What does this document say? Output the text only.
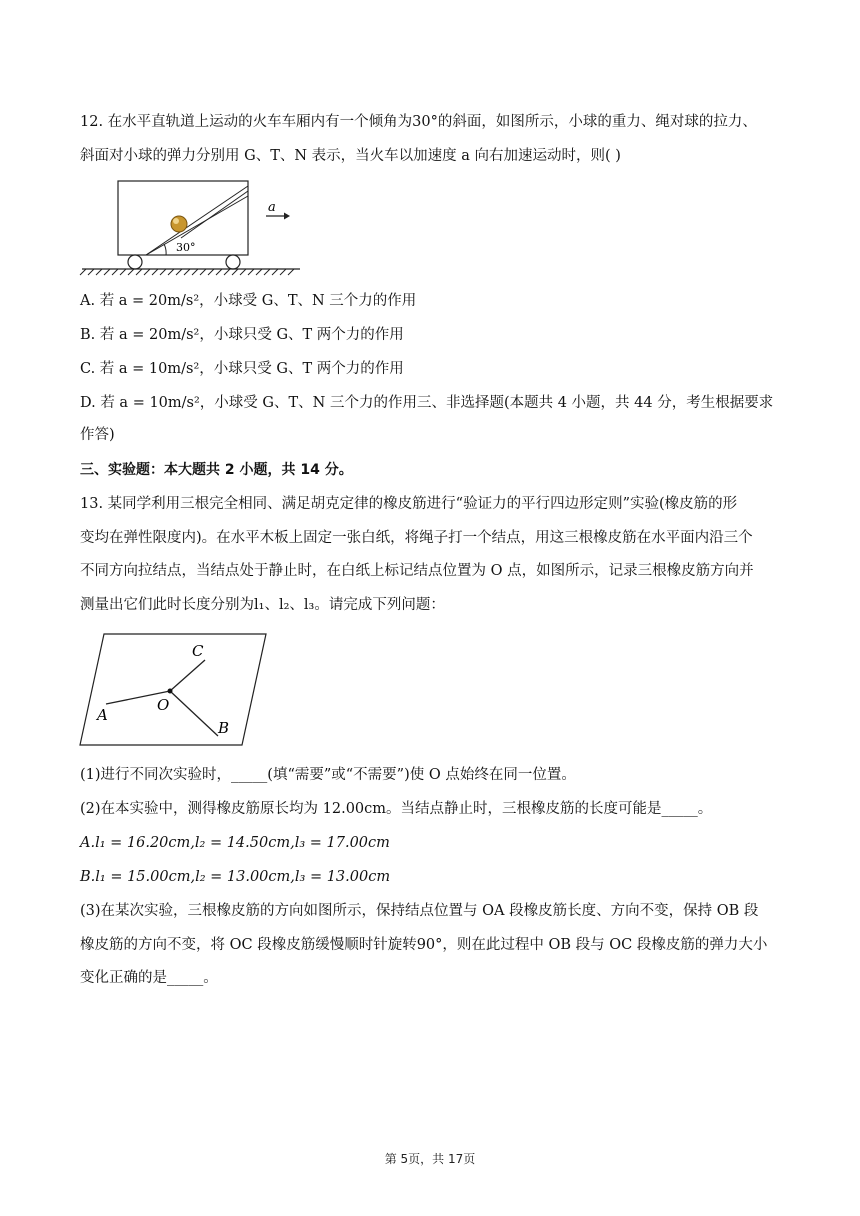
12. 在水平直轨道上运动的火车车厢内有一个倾角为30°的斜面，如图所示，小球的重力、绳对球的拉力、
斜面对小球的弹力分别用 G、T、N 表示，当火车以加速度 a 向右加速运动时，则( )
30°
a
A. 若 a = 20m/s²，小球受 G、T、N 三个力的作用
B. 若 a = 20m/s²，小球只受 G、T 两个力的作用
C. 若 a = 10m/s²，小球只受 G、T 两个力的作用
D. 若 a = 10m/s²，小球受 G、T、N 三个力的作用三、非选择题(本题共 4 小题，共 44 分，考生根据要求
作答)
三、实验题：本大题共 2 小题，共 14 分。
13. 某同学利用三根完全相同、满足胡克定律的橡皮筋进行“验证力的平行四边形定则”实验(橡皮筋的形
变均在弹性限度内)。在水平木板上固定一张白纸，将绳子打一个结点，用这三根橡皮筋在水平面内沿三个
不同方向拉结点，当结点处于静止时，在白纸上标记结点位置为 O 点，如图所示，记录三根橡皮筋方向并
测量出它们此时长度分别为l₁、l₂、l₃。请完成下列问题：
A
B
C
O
(1)进行不同次实验时，_____(填“需要”或“不需要”)使 O 点始终在同一位置。
(2)在本实验中，测得橡皮筋原长均为 12.00cm。当结点静止时，三根橡皮筋的长度可能是_____。
A.l₁ = 16.20cm,l₂ = 14.50cm,l₃ = 17.00cm
B.l₁ = 15.00cm,l₂ = 13.00cm,l₃ = 13.00cm
(3)在某次实验，三根橡皮筋的方向如图所示，保持结点位置与 OA 段橡皮筋长度、方向不变，保持 OB 段
橡皮筋的方向不变，将 OC 段橡皮筋缓慢顺时针旋转90°，则在此过程中 OB 段与 OC 段橡皮筋的弹力大小
变化正确的是_____。
第 5页，共 17页
